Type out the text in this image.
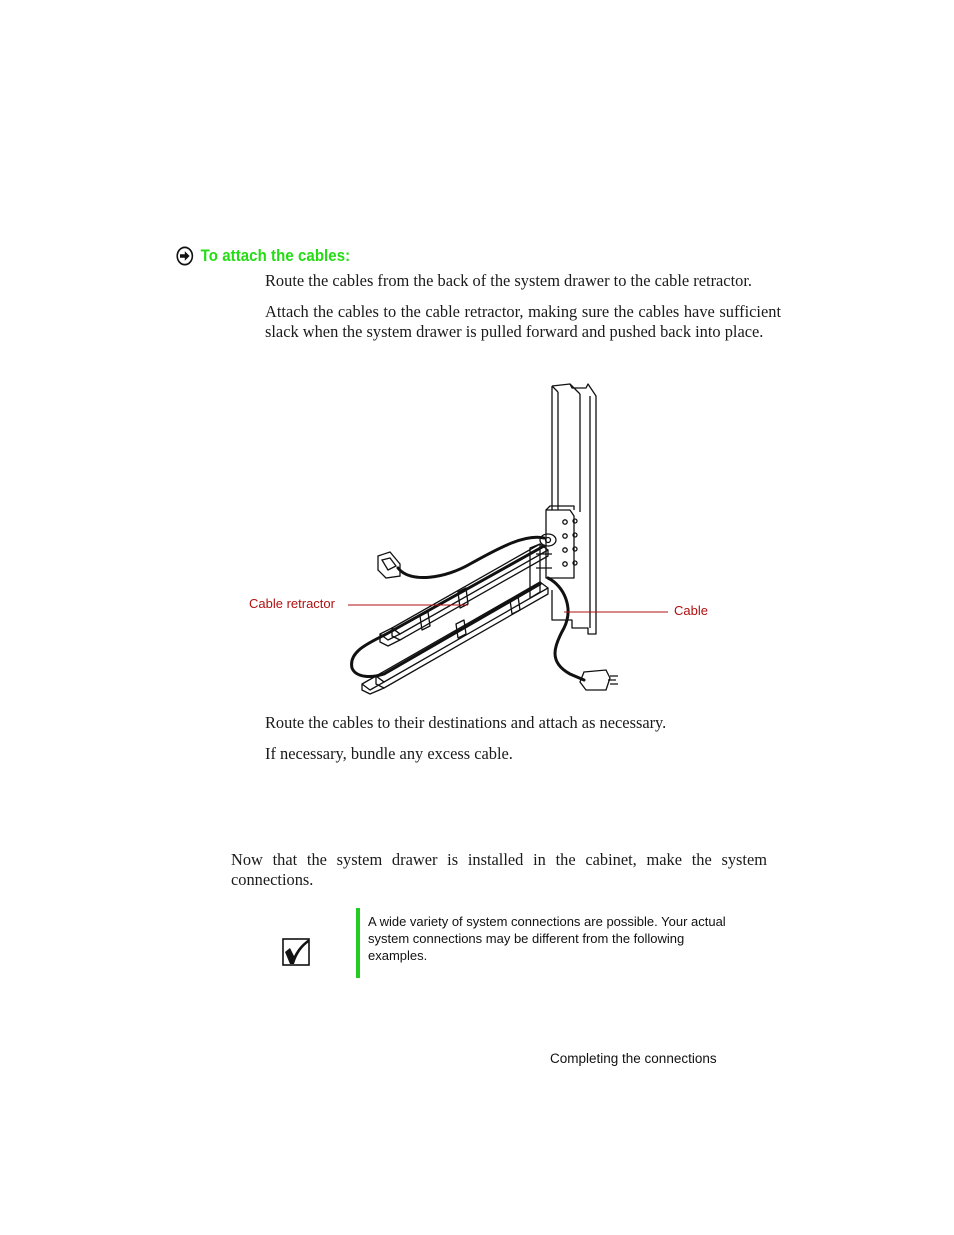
To attach the cables:
Route the cables from the back of the system drawer to the cable retractor.
Attach the cables to the cable retractor, making sure the cables have sufficient slack when the system drawer is pulled forward and pushed back into place.
Cable retractor	Cable
Route the cables to their destinations and attach as necessary.
If necessary, bundle any excess cable.
Now that the system drawer is installed in the cabinet, make the system connections.
A wide variety of system connections are possible. Your actual system connections may be different from the following examples.
Completing the connections
